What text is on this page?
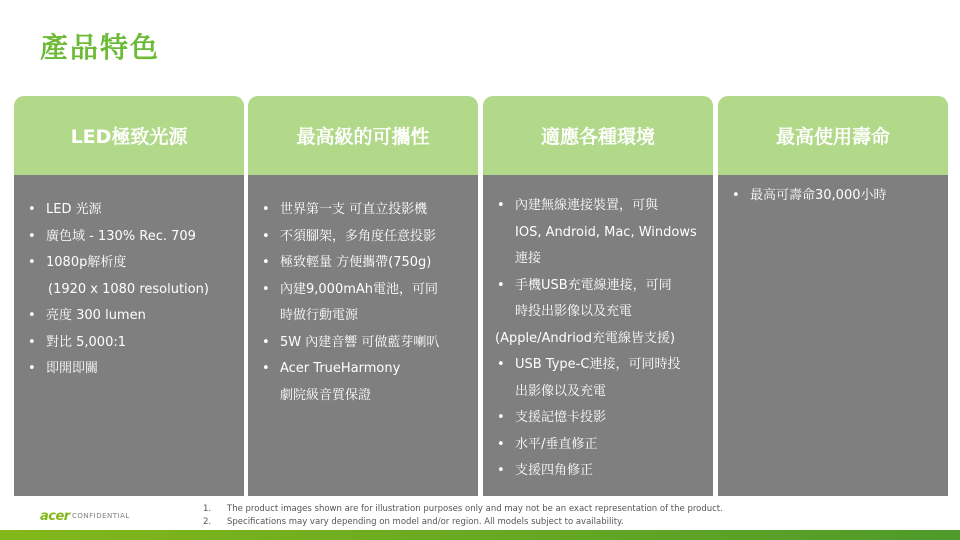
產品特色
LED極致光源
• LED 光源
• 廣色域 - 130% Rec. 709
• 1080p解析度
(1920 x 1080 resolution)
• 亮度 300 lumen
• 對比 5,000:1
• 即開即關
最高級的可攜性
• 世界第一支 可直立投影機
• 不須腳架，多角度任意投影
• 極致輕量 方便攜帶(750g)
• 內建9,000mAh電池，可同
時做行動電源
• 5W 內建音響 可做藍芽喇叭
• Acer TrueHarmony
劇院級音質保證
適應各種環境
• 內建無線連接裝置，可與
IOS, Android, Mac, Windows
連接
• 手機USB充電線連接，可同
時投出影像以及充電
(Apple/Andriod充電線皆支援)
• USB Type-C連接，可同時投
出影像以及充電
• 支援記憶卡投影
• 水平/垂直修正
• 支援四角修正
最高使用壽命
• 最高可壽命30,000小時
acer CONFIDENTIAL
1.	The product images shown are for illustration purposes only and may not be an exact representation of the product.
2.	Specifications may vary depending on model and/or region. All models subject to availability.
